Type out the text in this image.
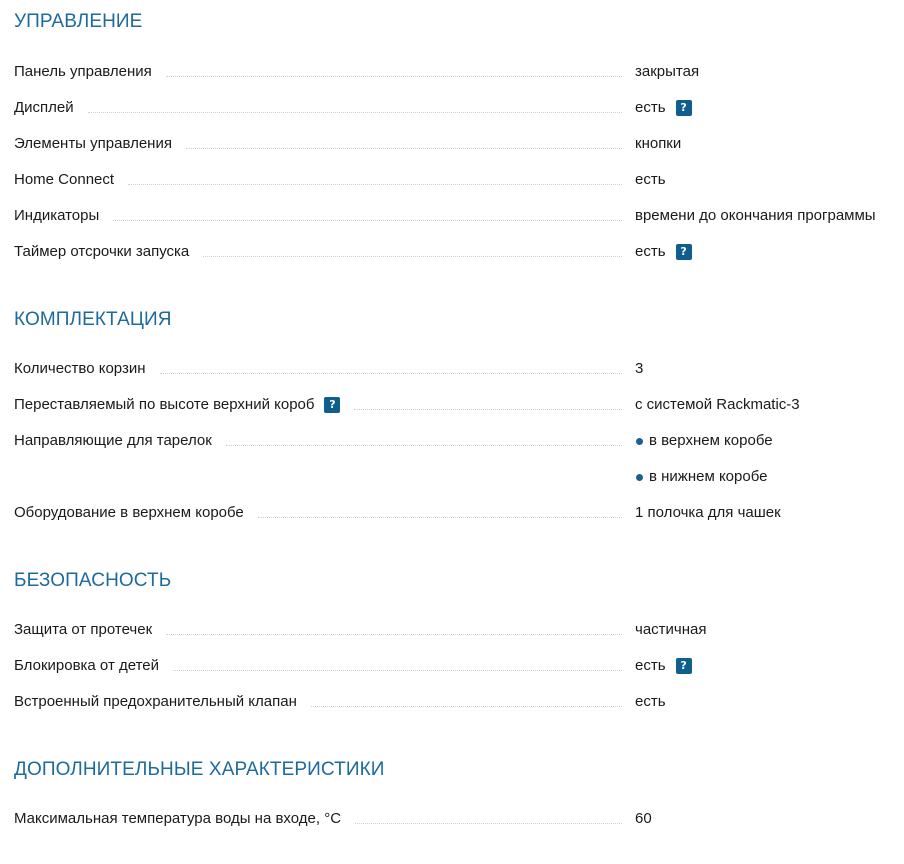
УПРАВЛЕНИЕ
Панель управления	закрытая
Дисплей	есть	?
Элементы управления	кнопки
Home Connect	есть
Индикаторы	времени до окончания программы
Таймер отсрочки запуска	есть	?
КОМПЛЕКТАЦИЯ
Количество корзин	3
Переставляемый по высоте верхний короб	?	с системой Rackmatic-3
Направляющие для тарелок	в верхнем коробе
в нижнем коробе
Оборудование в верхнем коробе	1 полочка для чашек
БЕЗОПАСНОСТЬ
Защита от протечек	частичная
Блокировка от детей	есть	?
Встроенный предохранительный клапан	есть
ДОПОЛНИТЕЛЬНЫЕ ХАРАКТЕРИСТИКИ
Максимальная температура воды на входе, °C	60
